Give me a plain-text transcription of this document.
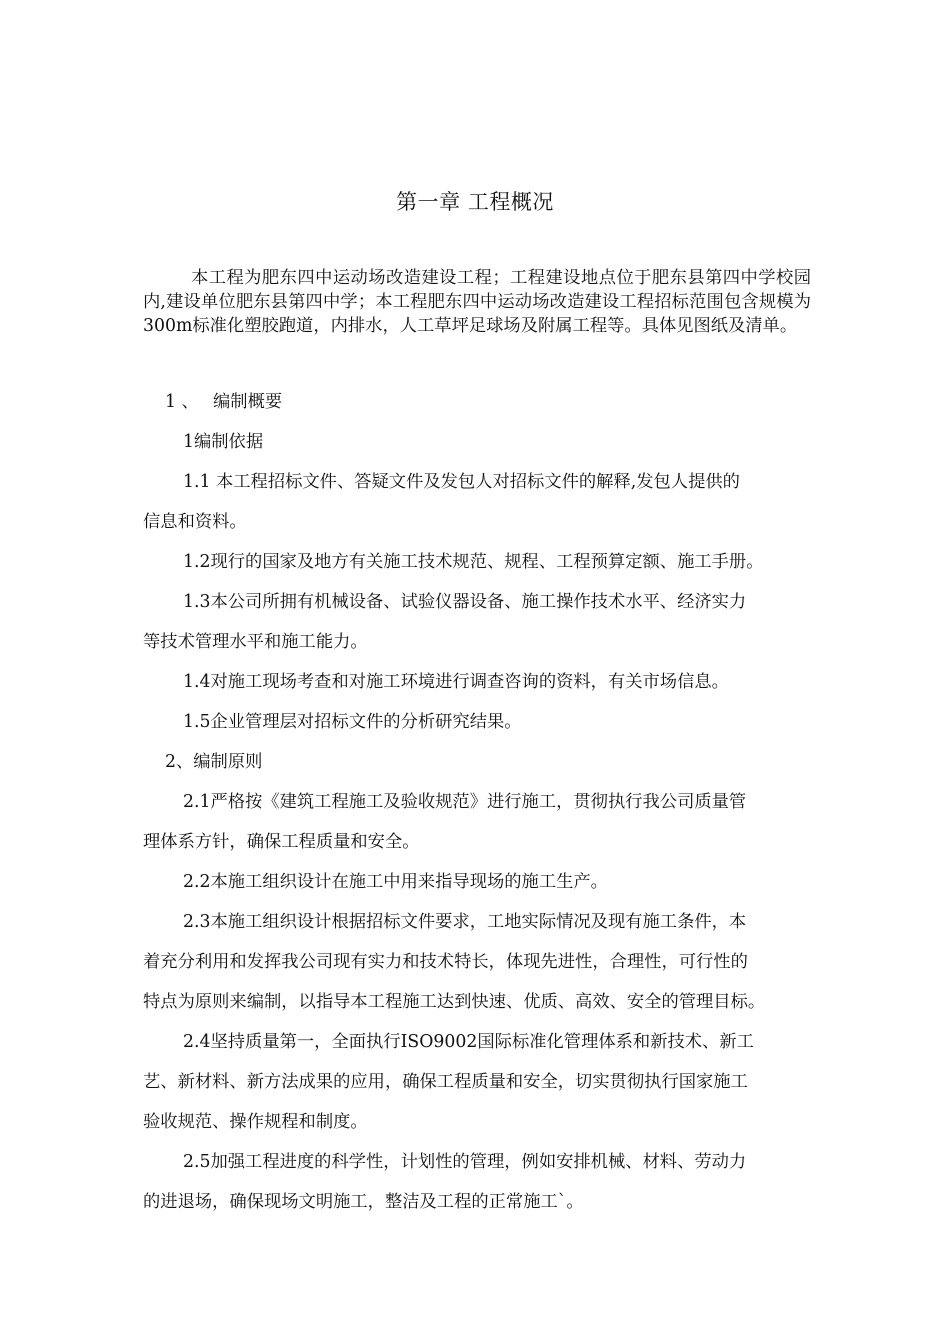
第一章 工程概况
本工程为肥东四中运动场改造建设工程；工程建设地点位于肥东县第四中学校园内,建设单位肥东县第四中学；本工程肥东四中运动场改造建设工程招标范围包含规模为300m标准化塑胶跑道，内排水，人工草坪足球场及附属工程等。具体见图纸及清单。
1 、 编制概要
1编制依据
1.1 本工程招标文件、答疑文件及发包人对招标文件的解释,发包人提供的
信息和资料。
1.2现行的国家及地方有关施工技术规范、规程、工程预算定额、施工手册。
1.3本公司所拥有机械设备、试验仪器设备、施工操作技术水平、经济实力
等技术管理水平和施工能力。
1.4对施工现场考查和对施工环境进行调查咨询的资料，有关市场信息。
1.5企业管理层对招标文件的分析研究结果。
2、编制原则
2.1严格按《建筑工程施工及验收规范》进行施工，贯彻执行我公司质量管
理体系方针，确保工程质量和安全。
2.2本施工组织设计在施工中用来指导现场的施工生产。
2.3本施工组织设计根据招标文件要求，工地实际情况及现有施工条件，本
着充分利用和发挥我公司现有实力和技术特长，体现先进性，合理性，可行性的
特点为原则来编制，以指导本工程施工达到快速、优质、高效、安全的管理目标。
2.4坚持质量第一，全面执行ISO9002国际标准化管理体系和新技术、新工
艺、新材料、新方法成果的应用，确保工程质量和安全，切实贯彻执行国家施工
验收规范、操作规程和制度。
2.5加强工程进度的科学性，计划性的管理，例如安排机械、材料、劳动力
的进退场，确保现场文明施工，整洁及工程的正常施工`。
